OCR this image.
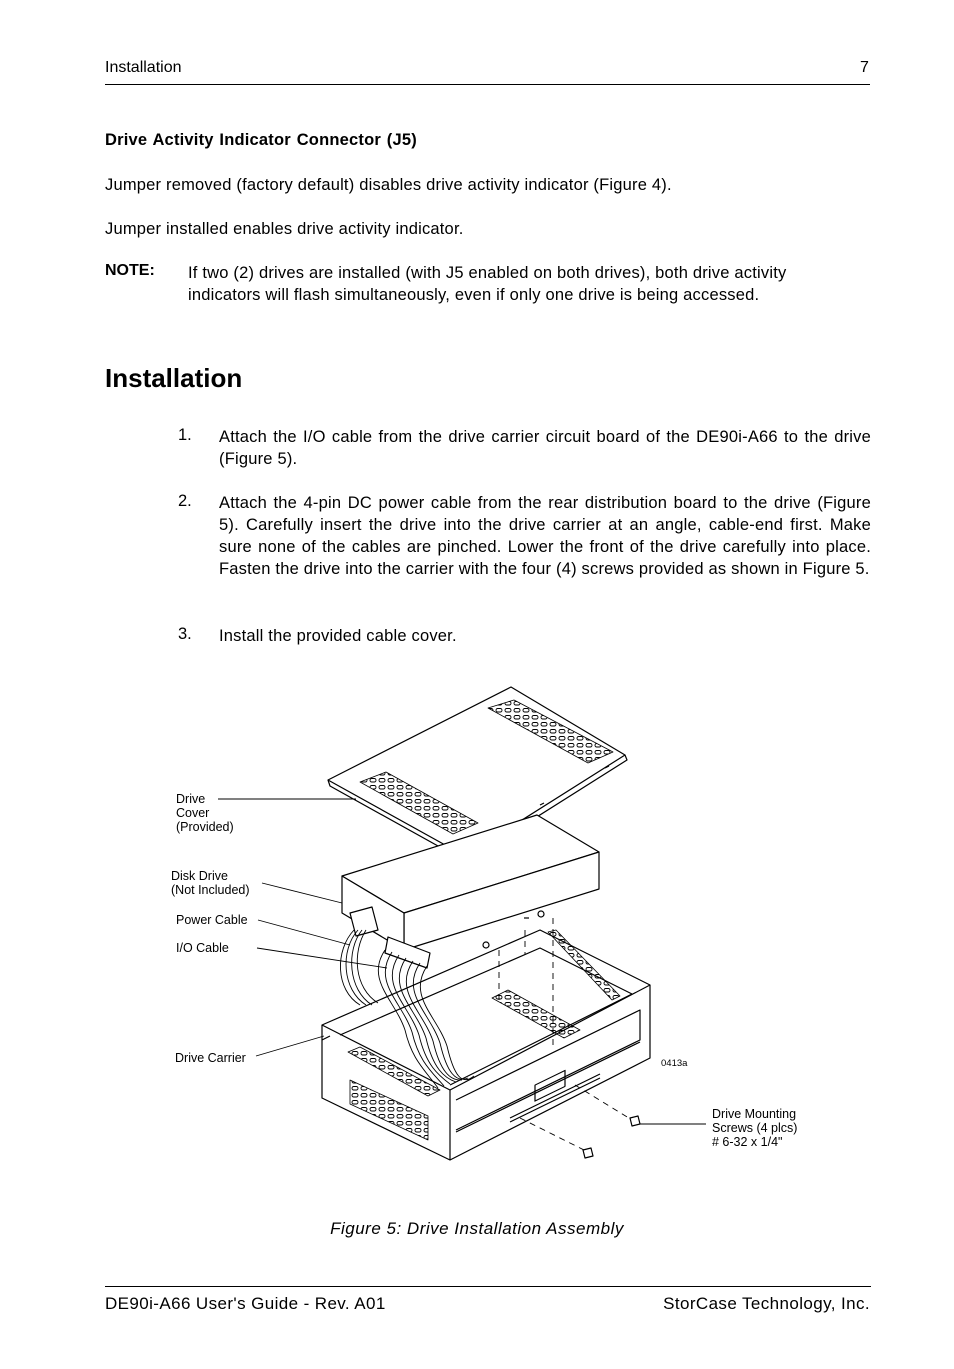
Installation	7
Drive Activity Indicator Connector (J5)
Jumper removed (factory default) disables drive activity indicator (Figure 4).
Jumper installed enables drive activity indicator.
NOTE: If two (2) drives are installed (with J5 enabled on both drives), both drive activity indicators will flash simultaneously, even if only one drive is being accessed.
Installation
1. Attach the I/O cable from the drive carrier circuit board of the DE90i-A66 to the drive (Figure 5).
2. Attach the 4-pin DC power cable from the rear distribution board to the drive (Figure 5). Carefully insert the drive into the drive carrier at an angle, cable-end first. Make sure none of the cables are pinched. Lower the front of the drive carefully into place. Fasten the drive into the carrier with the four (4) screws provided as shown in Figure 5.
3. Install the provided cable cover.
Drive
Cover
(Provided)
Disk Drive
(Not Included)
Power Cable
I/O Cable
Drive Carrier	0413a
Drive Mounting
Screws (4 plcs)
# 6-32 x 1/4"
Figure 5: Drive Installation Assembly
DE90i-A66 User's Guide - Rev. A01	StorCase Technology, Inc.
